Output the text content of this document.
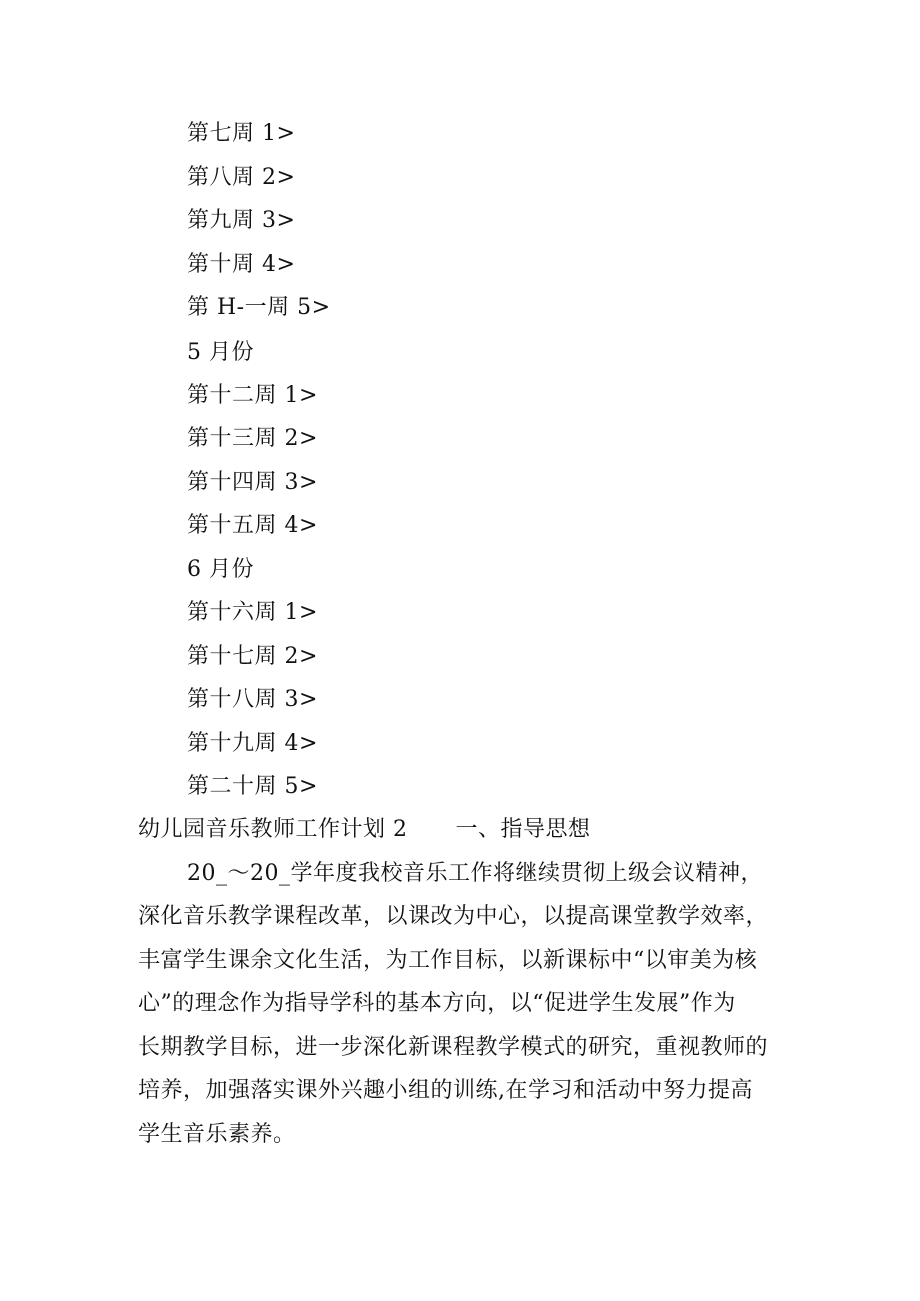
第七周 1>
第八周 2>
第九周 3>
第十周 4>
第 H-一周 5>
5 月份
第十二周 1>
第十三周 2>
第十四周 3>
第十五周 4>
6 月份
第十六周 1>
第十七周 2>
第十八周 3>
第十九周 4>
第二十周 5>
幼儿园音乐教师工作计划 2 一、指导思想
20_～20_学年度我校音乐工作将继续贯彻上级会议精神，
深化音乐教学课程改革，以课改为中心，以提高课堂教学效率，
丰富学生课余文化生活，为工作目标，以新课标中“以审美为核
心”的理念作为指导学科的基本方向，以“促进学生发展”作为
长期教学目标，进一步深化新课程教学模式的研究，重视教师的
培养，加强落实课外兴趣小组的训练,在学习和活动中努力提高
学生音乐素养。
